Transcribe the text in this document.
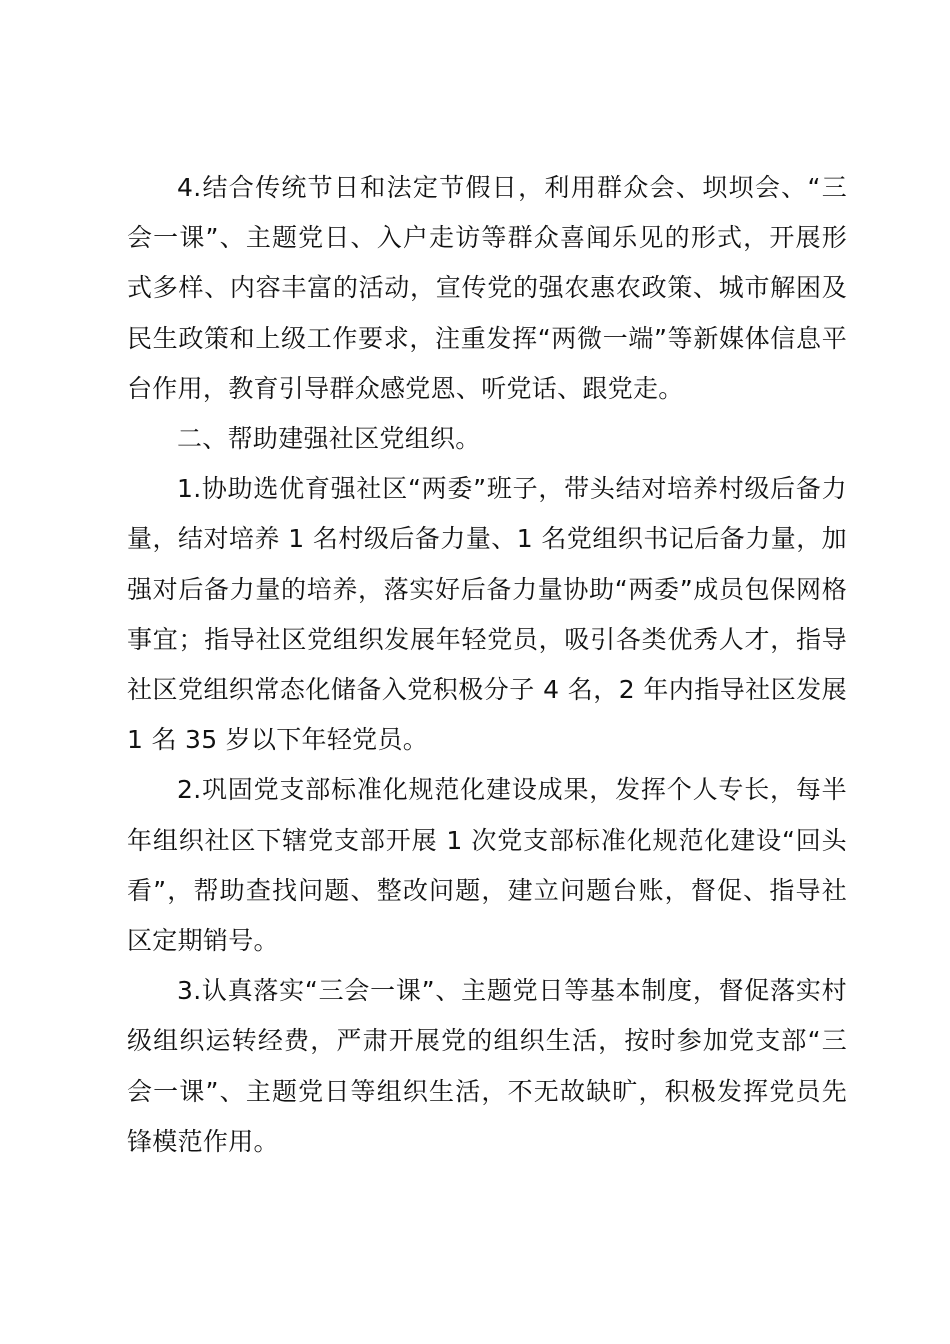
4.结合传统节日和法定节假日，利用群众会、坝坝会、“三会一课”、主题党日、入户走访等群众喜闻乐见的形式，开展形式多样、内容丰富的活动，宣传党的强农惠农政策、城市解困及民生政策和上级工作要求，注重发挥“两微一端”等新媒体信息平台作用，教育引导群众感党恩、听党话、跟党走。

二、帮助建强社区党组织。

1.协助选优育强社区“两委”班子，带头结对培养村级后备力量，结对培养 1 名村级后备力量、1 名党组织书记后备力量，加强对后备力量的培养，落实好后备力量协助“两委”成员包保网格事宜；指导社区党组织发展年轻党员，吸引各类优秀人才，指导社区党组织常态化储备入党积极分子 4 名，2 年内指导社区发展 1 名 35 岁以下年轻党员。

2.巩固党支部标准化规范化建设成果，发挥个人专长，每半年组织社区下辖党支部开展 1 次党支部标准化规范化建设“回头看”，帮助查找问题、整改问题，建立问题台账，督促、指导社区定期销号。

3.认真落实“三会一课”、主题党日等基本制度，督促落实村级组织运转经费，严肃开展党的组织生活，按时参加党支部“三会一课”、主题党日等组织生活，不无故缺旷，积极发挥党员先锋模范作用。
